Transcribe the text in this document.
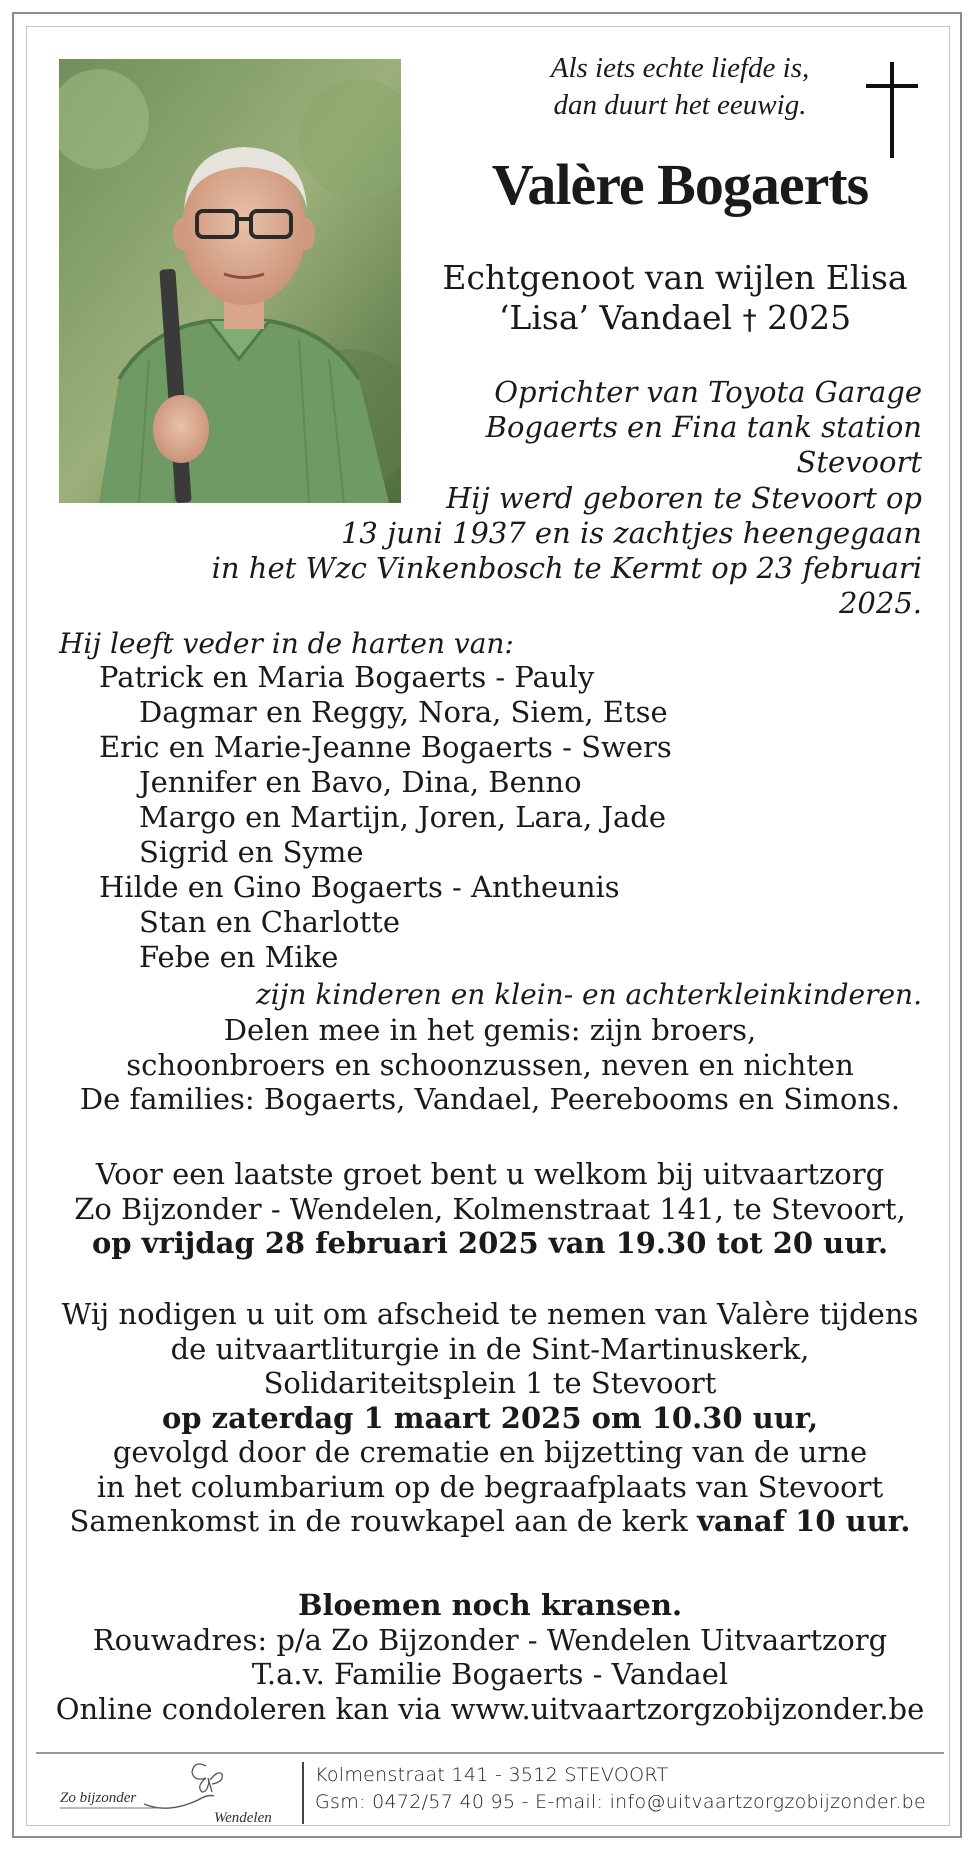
Als iets echte liefde is,
dan duurt het eeuwig.
Valère Bogaerts
Echtgenoot van wijlen Elisa
‘Lisa’ Vandael † 2025
Oprichter van Toyota Garage
Bogaerts en Fina tank station Stevoort
Hij werd geboren te Stevoort op
13 juni 1937 en is zachtjes heengegaan
in het Wzc Vinkenbosch te Kermt op 23 februari 2025.
Hij leeft veder in de harten van:
Patrick en Maria Bogaerts - Pauly
Dagmar en Reggy, Nora, Siem, Etse
Eric en Marie-Jeanne Bogaerts - Swers
Jennifer en Bavo, Dina, Benno
Margo en Martijn, Joren, Lara, Jade
Sigrid en Syme
Hilde en Gino Bogaerts - Antheunis
Stan en Charlotte
Febe en Mike
zijn kinderen en klein- en achterkleinkinderen.
Delen mee in het gemis: zijn broers,
schoonbroers en schoonzussen, neven en nichten
De families: Bogaerts, Vandael, Peerebooms en Simons.
Voor een laatste groet bent u welkom bij uitvaartzorg
Zo Bijzonder - Wendelen, Kolmenstraat 141, te Stevoort,
op vrijdag 28 februari 2025 van 19.30 tot 20 uur.
Wij nodigen u uit om afscheid te nemen van Valère tijdens
de uitvaartliturgie in de Sint-Martinuskerk,
Solidariteitsplein 1 te Stevoort
op zaterdag 1 maart 2025 om 10.30 uur,
gevolgd door de crematie en bijzetting van de urne
in het columbarium op de begraafplaats van Stevoort
Samenkomst in de rouwkapel aan de kerk vanaf 10 uur.
Bloemen noch kransen.
Rouwadres: p/a Zo Bijzonder - Wendelen Uitvaartzorg
T.a.v. Familie Bogaerts - Vandael
Online condoleren kan via www.uitvaartzorgzobijzonder.be
Zo bijzonder
Wendelen
Kolmenstraat 141 - 3512 STEVOORT
Gsm: 0472/57 40 95 - E-mail: info@uitvaartzorgzobijzonder.be
